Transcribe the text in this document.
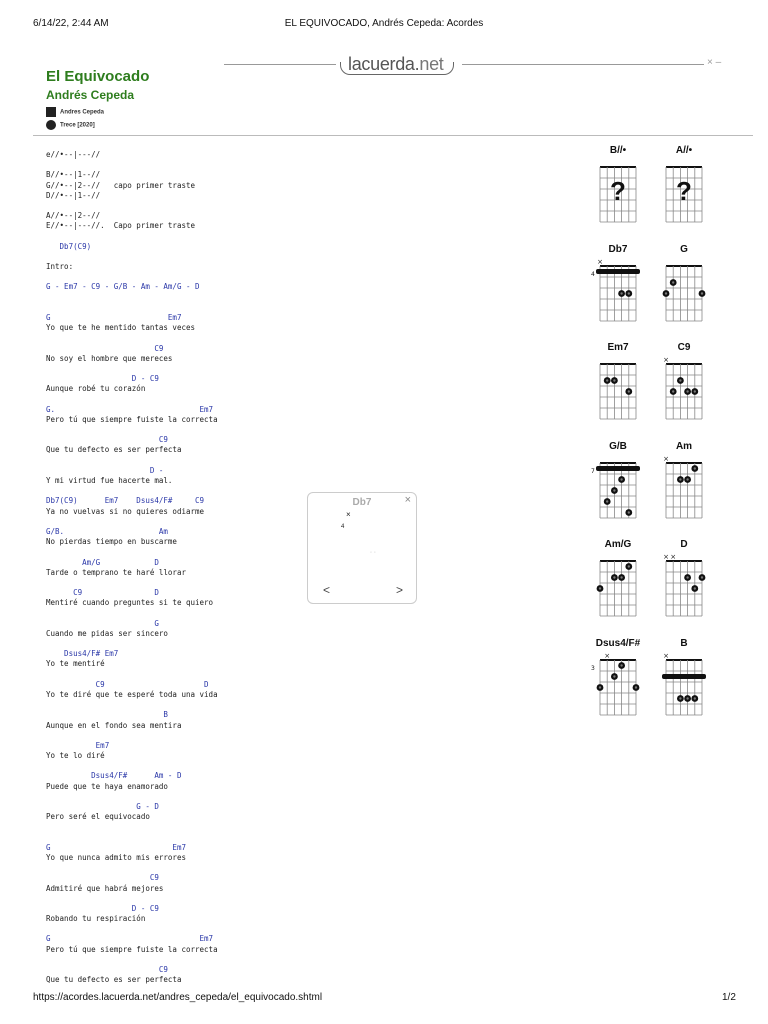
6/14/22, 2:44 AM	EL EQUIVOCADO, Andrés Cepeda: Acordes
El Equivocado
Andrés Cepeda
lacuerda.net	× –
Andres Cepeda
Trece [2020]
e//•--|---//
B//•--|1--//
G//•--|2--//   capo primer traste
D//•--|1--//
A//•--|2--//
E//•--|---//.  Capo primer traste
Db7(C9)
Intro:
G - Em7 - C9 - G/B - Am - Am/G - D
G                          Em7
Yo que te he mentido tantas veces
C9
No soy el hombre que mereces
D - C9
Aunque robé tu corazón
G.                                Em7
Pero tú que siempre fuiste la correcta
C9
Que tu defecto es ser perfecta
D -
Y mi virtud fue hacerte mal.
Db7(C9)      Em7    Dsus4/F#     C9
Ya no vuelvas si no quieres odiarme
G/B.                     Am
No pierdas tiempo en buscarme
Am/G            D
Tarde o temprano te haré llorar
C9                D
Mentiré cuando preguntes si te quiero
G
Cuando me pidas ser sincero
Dsus4/F# Em7
Yo te mentiré
C9                      D
Yo te diré que te esperé toda una vida
B
Aunque en el fondo sea mentira
Em7
Yo te lo diré
Dsus4/F#      Am - D
Puede que te haya enamorado
G - D
Pero seré el equivocado
G                           Em7
Yo que nunca admito mis errores
C9
Admitiré que habrá mejores
D - C9
Robando tu respiración
G                                 Em7
Pero tú que siempre fuiste la correcta
C9
Que tu defecto es ser perfecta
B//•
?
A//•
?
Db7
×
4
G
Em7	C9
×
G/B
7
Am
×
Am/G	D
× ×
Dsus4/F#
×
3
B
×
Db7	×
×
4
◦ ◦
<	>
https://acordes.lacuerda.net/andres_cepeda/el_equivocado.shtml	1/2
